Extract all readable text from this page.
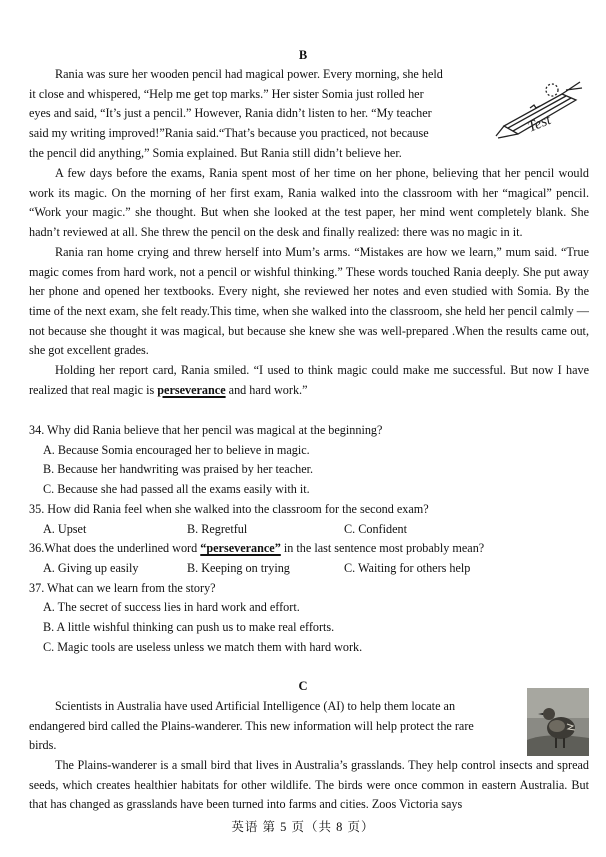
B

Rania was sure her wooden pencil had magical power. Every morning, she held

it close and whispered, “Help me get top marks.” Her sister Somia just rolled her

eyes and said, “It’s just a pencil.” However, Rania didn’t listen to her. “My teacher

said my writing improved!”Rania said.“That’s because you practiced, not because

the pencil did anything,” Somia explained. But Rania still didn’t believe her.

Test

A few days before the exams, Rania spent most of her time on her phone, believing that her pencil would work its magic. On the morning of her first exam, Rania walked into the classroom with her “magical” pencil. “Work your magic.” she thought. But when she looked at the test paper, her mind went completely blank. She hadn’t reviewed at all. She threw the pencil on the desk and finally realized: there was no magic in it.

Rania ran home crying and threw herself into Mum’s arms. “Mistakes are how we learn,” mum said. “True magic comes from hard work, not a pencil or wishful thinking.” These words touched Rania deeply. She put away her phone and opened her textbooks. Every night, she reviewed her notes and even studied with Somia. By the time of the next exam, she felt ready.This time, when she walked into the classroom, she held her pencil calmly — not because she thought it was magical, but because she knew she was well-prepared .When the results came out, she got excellent grades.

Holding her report card, Rania smiled. “I used to think magic could make me successful. But now I have realized that real magic is perseverance and hard work.”

34. Why did Rania believe that her pencil was magical at the beginning?

A. Because Somia encouraged her to believe in magic.

B. Because her handwriting was praised by her teacher.

C. Because she had passed all the exams easily with it.

35. How did Rania feel when she walked into the classroom for the second exam?

A. Upset	B. Regretful	C. Confident

36.What does the underlined word “perseverance” in the last sentence most probably mean?

A. Giving up easily	B. Keeping on trying	C. Waiting for others help

37. What can we learn from the story?

A. The secret of success lies in hard work and effort.

B. A little wishful thinking can push us to make real efforts.

C. Magic tools are useless unless we match them with hard work.

C

Scientists in Australia have used Artificial Intelligence (AI) to help them locate an

endangered bird called the Plains-wanderer. This new information will help protect the rare

birds.

The Plains-wanderer is a small bird that lives in Australia’s grasslands. They help control insects and spread seeds, which creates healthier habitats for other wildlife. The birds were once common in eastern Australia. But that has changed as grasslands have been turned into farms and cities. Zoos Victoria says

英语 第 5 页（共 8 页）
